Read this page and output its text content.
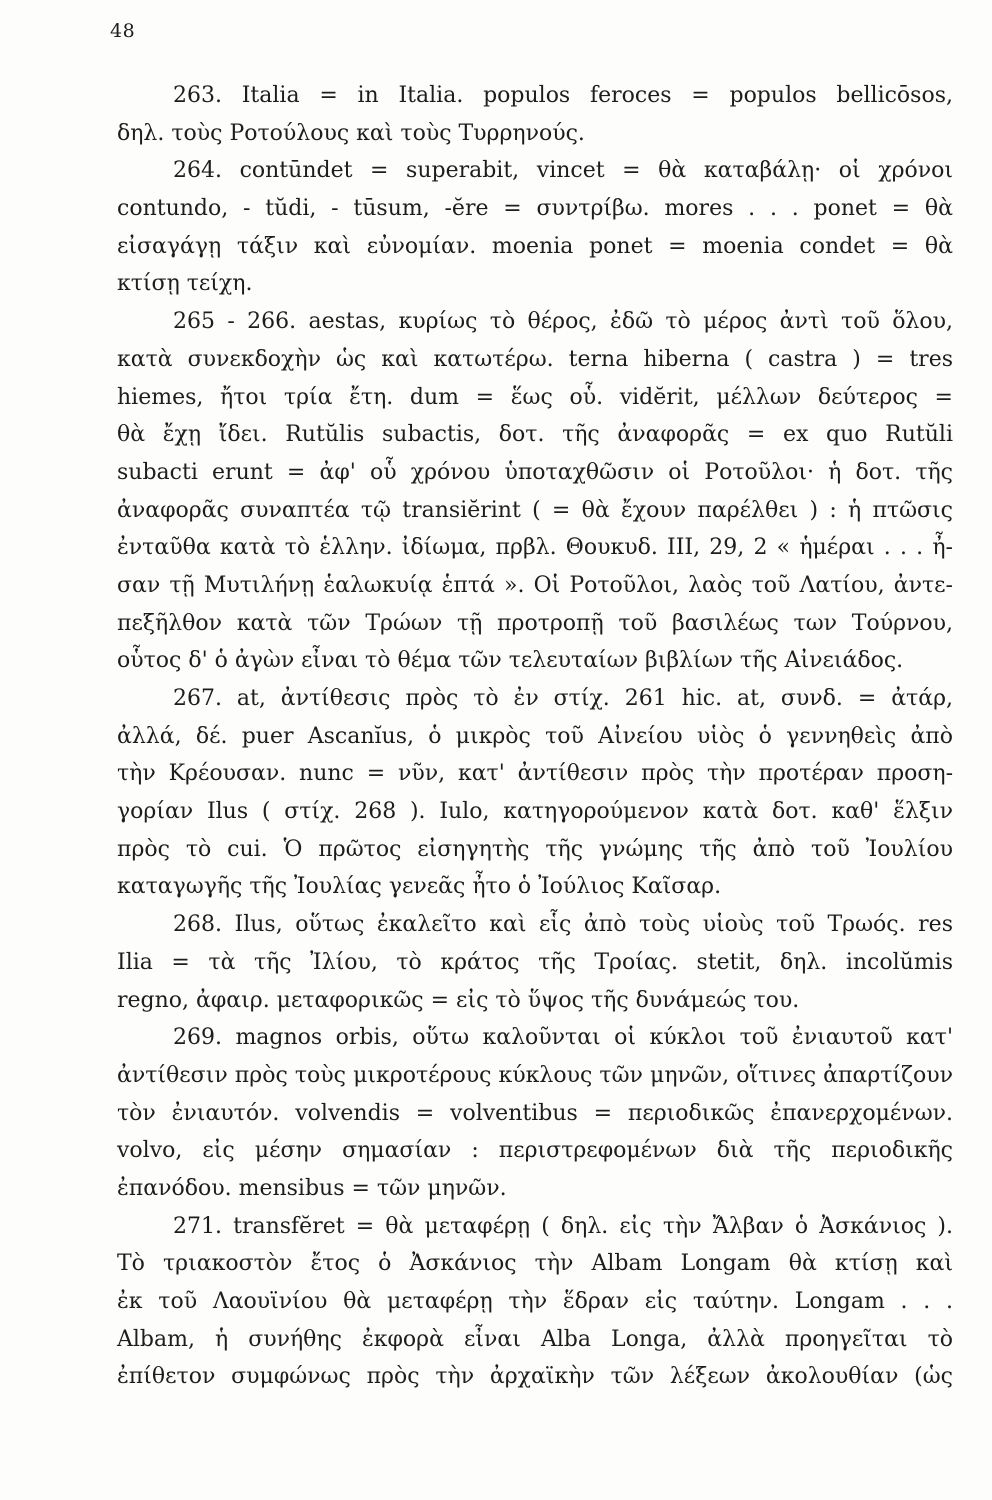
48
263. Italia = in Italia. populos feroces = populos bellicōsos,
δηλ. τοὺς Ροτούλους καὶ τοὺς Τυρρηνούς.
264. contūndet = superabit, vincet = θὰ καταβάλῃ· οἱ χρόνοι
contundo, - tŭdi, - tūsum, -ĕre = συντρίβω. mores . . . ponet = θὰ
εἰσαγάγῃ τάξιν καὶ εὐνομίαν. moenia ponet = moenia condet = θὰ
κτίσῃ τείχη.
265 - 266. aestas, κυρίως τὸ θέρος, ἐδῶ τὸ μέρος ἀντὶ τοῦ ὅλου,
κατὰ συνεκδοχὴν ὡς καὶ κατωτέρω. terna hiberna ( castra ) = tres
hiemes, ἤτοι τρία ἔτη. dum = ἕως οὗ. vidĕrit, μέλλων δεύτερος =
θὰ ἔχῃ ἴδει. Rutŭlis subactis, δοτ. τῆς ἀναφορᾶς = ex quo Rutŭli
subacti erunt = ἀφ' οὗ χρόνου ὑποταχθῶσιν οἱ Ροτοῦλοι· ἡ δοτ. τῆς
ἀναφορᾶς συναπτέα τῷ transiĕrint ( = θὰ ἔχουν παρέλθει ) : ἡ πτῶσις
ἐνταῦθα κατὰ τὸ ἑλλην. ἰδίωμα, πρβλ. Θουκυδ. III, 29, 2 « ἡμέραι . . . ἦ-
σαν τῇ Μυτιλήνῃ ἑαλωκυίᾳ ἑπτά ». Οἱ Ροτοῦλοι, λαὸς τοῦ Λατίου, ἀντε-
πεξῆλθον κατὰ τῶν Τρώων τῇ προτροπῇ τοῦ βασιλέως των Τούρνου,
οὗτος δ' ὁ ἀγὼν εἶναι τὸ θέμα τῶν τελευταίων βιβλίων τῆς Αἰνειάδος.
267. at, ἀντίθεσις πρὸς τὸ ἐν στίχ. 261 hic. at, συνδ. = ἀτάρ,
ἀλλά, δέ. puer Ascanĭus, ὁ μικρὸς τοῦ Αἰνείου υἱὸς ὁ γεννηθεὶς ἀπὸ
τὴν Κρέουσαν. nunc = νῦν, κατ' ἀντίθεσιν πρὸς τὴν προτέραν προση-
γορίαν Ilus ( στίχ. 268 ). Iulo, κατηγορούμενον κατὰ δοτ. καθ' ἕλξιν
πρὸς τὸ cui. Ὁ πρῶτος εἰσηγητὴς τῆς γνώμης τῆς ἀπὸ τοῦ Ἰουλίου
καταγωγῆς τῆς Ἰουλίας γενεᾶς ἦτο ὁ Ἰούλιος Καῖσαρ.
268. Ilus, οὕτως ἐκαλεῖτο καὶ εἷς ἀπὸ τοὺς υἱοὺς τοῦ Τρωός. res
Ilia = τὰ τῆς Ἰλίου, τὸ κράτος τῆς Τροίας. stetit, δηλ. incolŭmis
regno, ἀφαιρ. μεταφορικῶς = εἰς τὸ ὕψος τῆς δυνάμεώς του.
269. magnos orbis, οὕτω καλοῦνται οἱ κύκλοι τοῦ ἐνιαυτοῦ κατ'
ἀντίθεσιν πρὸς τοὺς μικροτέρους κύκλους τῶν μηνῶν, οἵτινες ἀπαρτίζουν
τὸν ἐνιαυτόν. volvendis = volventibus = περιοδικῶς ἐπανερχομένων.
volvo, εἰς μέσην σημασίαν : περιστρεφομένων διὰ τῆς περιοδικῆς
ἐπανόδου. mensibus = τῶν μηνῶν.
271. transfĕret = θὰ μεταφέρῃ ( δηλ. εἰς τὴν Ἄλβαν ὁ Ἀσκάνιος ).
Τὸ τριακοστὸν ἔτος ὁ Ἀσκάνιος τὴν Albam Longam θὰ κτίσῃ καὶ
ἐκ τοῦ Λαουϊνίου θὰ μεταφέρῃ τὴν ἕδραν εἰς ταύτην. Longam . . .
Albam, ἡ συνήθης ἐκφορὰ εἶναι Alba Longa, ἀλλὰ προηγεῖται τὸ
ἐπίθετον συμφώνως πρὸς τὴν ἀρχαϊκὴν τῶν λέξεων ἀκολουθίαν (ὡς
